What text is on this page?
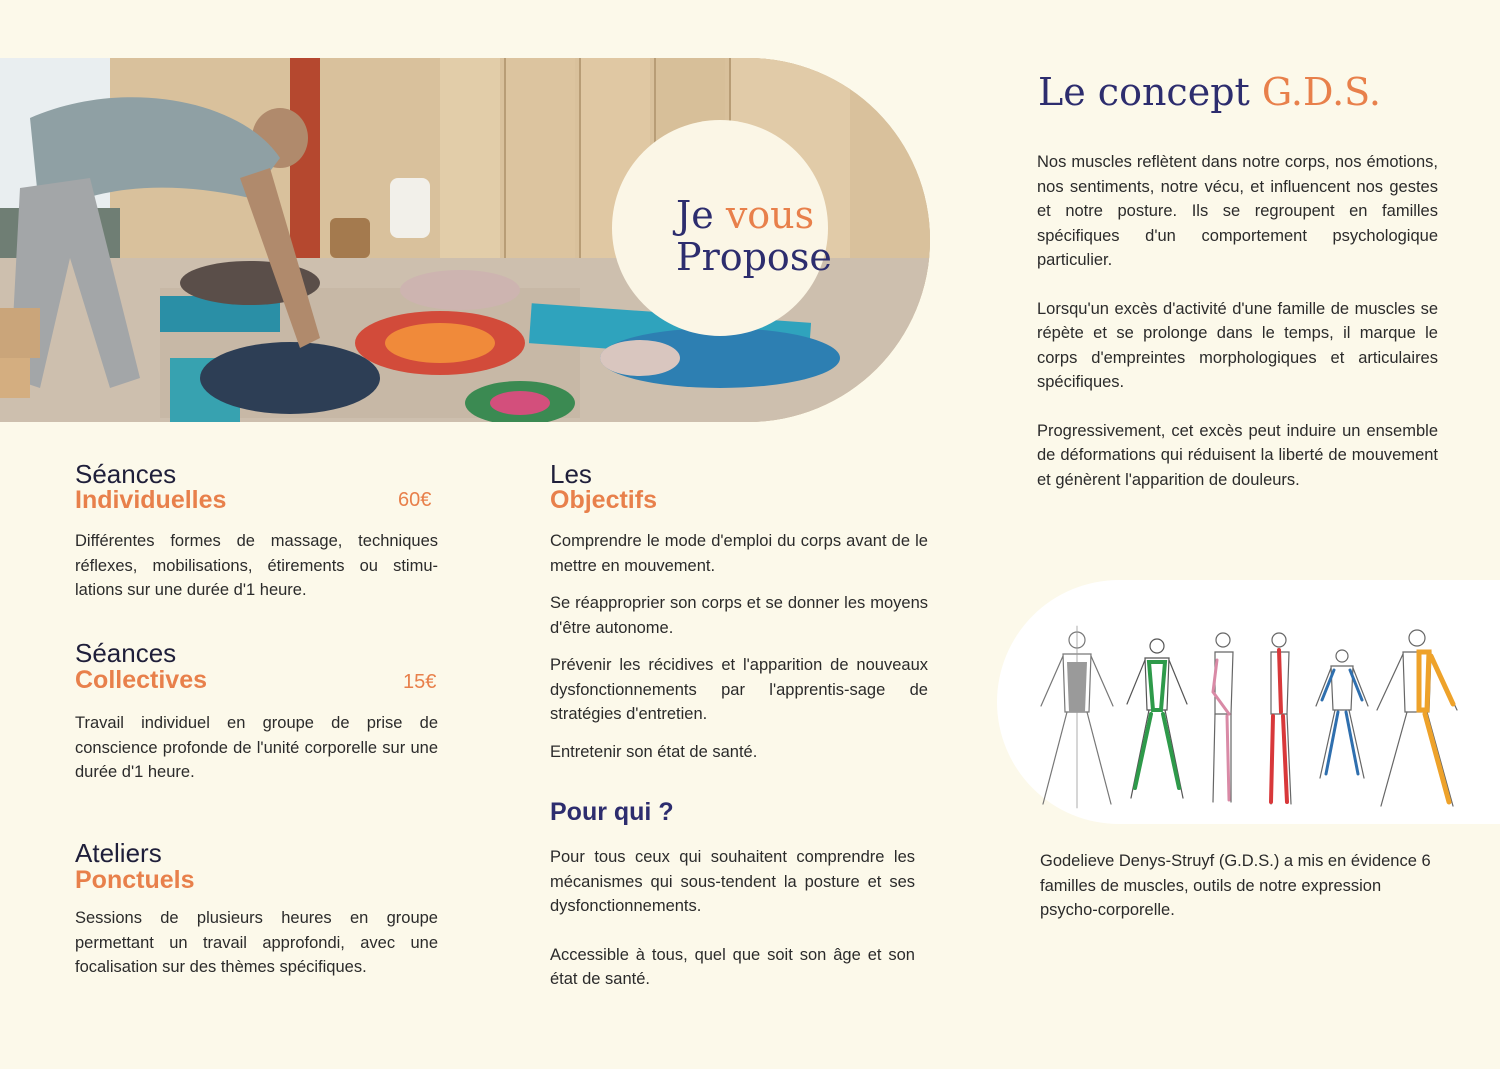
Je vous
Propose
Séances
Individuelles	60€
Différentes formes de massage, techniques réflexes, mobilisations, étirements ou stimu-lations sur une durée d'1 heure.
Séances
Collectives	15€
Travail individuel en groupe de prise de conscience profonde de l'unité corporelle sur une durée d'1 heure.
Ateliers
Ponctuels
Sessions de plusieurs heures en groupe permettant un travail approfondi, avec une focalisation sur des thèmes spécifiques.
Les
Objectifs

Comprendre le mode d'emploi du corps avant de le mettre en mouvement.

Se réapproprier son corps et se donner les moyens d'être autonome.

Prévenir les récidives et l'apparition de nouveaux dysfonctionnements par l'apprentis-sage de stratégies d'entretien.

Entretenir son état de santé.

Pour qui ?

Pour tous ceux qui souhaitent comprendre les mécanismes qui sous-tendent la posture et ses dysfonctionnements.

Accessible à tous, quel que soit son âge et son état de santé.

Le concept G.D.S.

Nos muscles reflètent dans notre corps, nos émotions, nos sentiments, notre vécu, et influencent nos gestes et notre posture. Ils se regroupent en familles spécifiques d'un comportement psychologique particulier.

Lorsqu'un excès d'activité d'une famille de muscles se répète et se prolonge dans le temps, il marque le corps d'empreintes morphologiques et articulaires spécifiques.

Progressivement, cet excès peut induire un ensemble de déformations qui réduisent la liberté de mouvement et génèrent l'apparition de douleurs.

Godelieve Denys-Struyf (G.D.S.) a mis en évidence 6 familles de muscles, outils de notre expression psycho-corporelle.
